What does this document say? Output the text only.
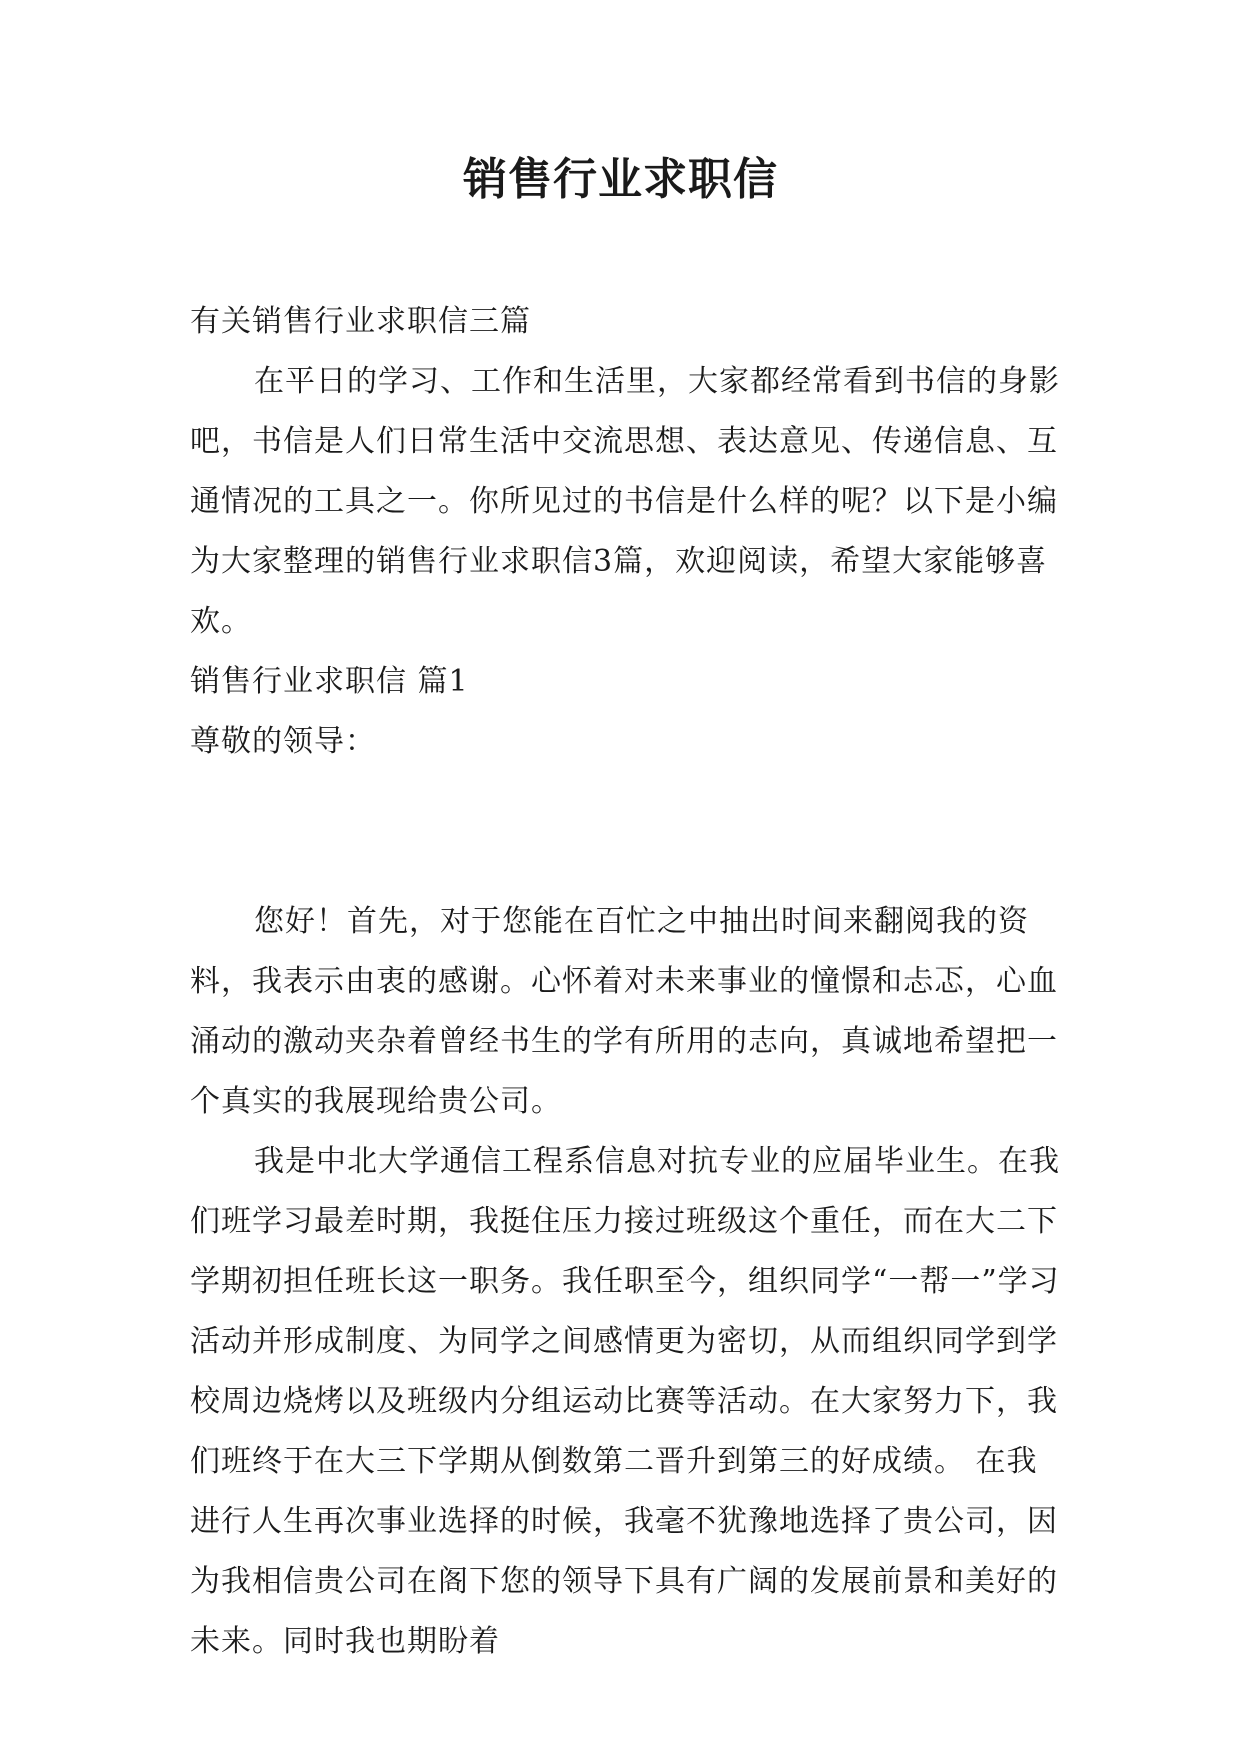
销售行业求职信

有关销售行业求职信三篇

在平日的学习、工作和生活里，大家都经常看到书信的身影吧，书信是人们日常生活中交流思想、表达意见、传递信息、互通情况的工具之一。你所见过的书信是什么样的呢？以下是小编为大家整理的销售行业求职信3篇，欢迎阅读，希望大家能够喜欢。

销售行业求职信 篇1

尊敬的领导：

您好！首先，对于您能在百忙之中抽出时间来翻阅我的资料，我表示由衷的感谢。心怀着对未来事业的憧憬和忐忑，心血涌动的激动夹杂着曾经书生的学有所用的志向，真诚地希望把一个真实的我展现给贵公司。

我是中北大学通信工程系信息对抗专业的应届毕业生。在我们班学习最差时期，我挺住压力接过班级这个重任，而在大二下学期初担任班长这一职务。我任职至今，组织同学“一帮一”学习活动并形成制度、为同学之间感情更为密切，从而组织同学到学校周边烧烤以及班级内分组运动比赛等活动。在大家努力下，我们班终于在大三下学期从倒数第二晋升到第三的好成绩。 在我进行人生再次事业选择的时候，我毫不犹豫地选择了贵公司，因为我相信贵公司在阁下您的领导下具有广阔的发展前景和美好的未来。同时我也期盼着
